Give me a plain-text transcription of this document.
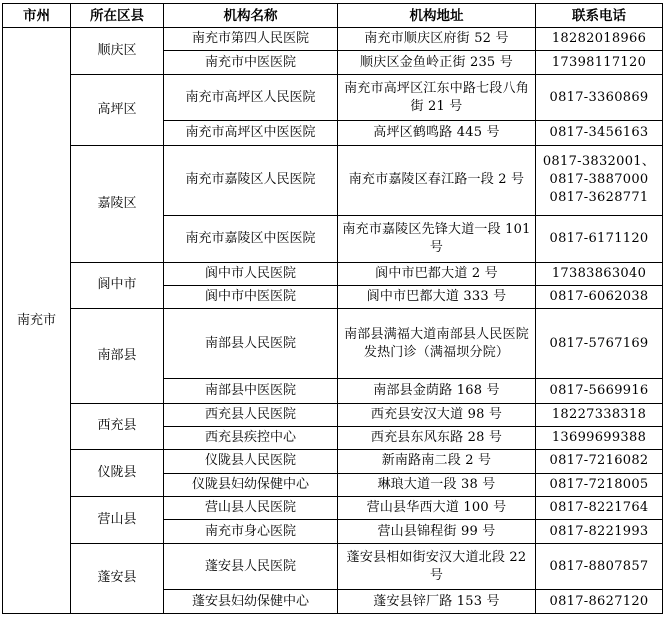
市州	所在区县	机构名称	机构地址	联系电话
南充市	顺庆区	南充市第四人民医院	南充市顺庆区府街 52 号	18282018966
		南充市中医医院	顺庆区金鱼岭正街 235 号	17398117120
	高坪区	南充市高坪区人民医院	南充市高坪区江东中路七段八角街 21 号	0817-3360869
		南充市高坪区中医医院	高坪区鹤鸣路 445 号	0817-3456163
	嘉陵区	南充市嘉陵区人民医院	南充市嘉陵区春江路一段 2 号	0817-3832001、0817-3887000 0817-3628771
		南充市嘉陵区中医医院	南充市嘉陵区先锋大道一段 101 号	0817-6171120
	阆中市	阆中市人民医院	阆中市巴都大道 2 号	17383863040
		阆中市中医医院	阆中市巴都大道 333 号	0817-6062038
	南部县	南部县人民医院	南部县满福大道南部县人民医院发热门诊（满福坝分院）	0817-5767169
		南部县中医医院	南部县金荫路 168 号	0817-5669916
	西充县	西充县人民医院	西充县安汉大道 98 号	18227338318
		西充县疾控中心	西充县东风东路 28 号	13699699388
	仪陇县	仪陇县人民医院	新南路南二段 2 号	0817-7216082
		仪陇县妇幼保健中心	琳琅大道一段 38 号	0817-7218005
	营山县	营山县人民医院	营山县华西大道 100 号	0817-8221764
		南充市身心医院	营山县锦程街 99 号	0817-8221993
	蓬安县	蓬安县人民医院	蓬安县相如街安汉大道北段 22 号	0817-8807857
		蓬安县妇幼保健中心	蓬安县锌厂路 153 号	0817-8627120
